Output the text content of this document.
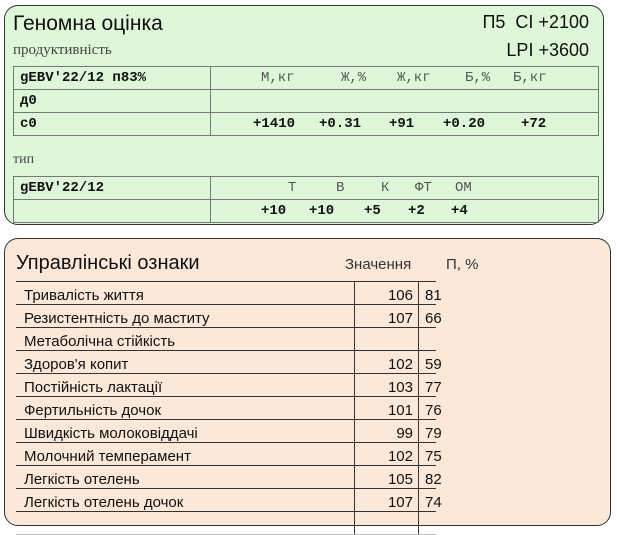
Геномна оцінка
продуктивність
П5  CI +2100
LPI +3600
gEBV'22/12 п83%	М,кг Ж,% Ж,кг Б,% Б,кг

д0	
с0	+1410 +0.31 +91 +0.20 +72
тип
gEBV'22/12	Т В К ФТ ОМ

	+10 +10 +5 +2 +4
Управлінські ознаки	Значення П, %
Тривалість життя	106	81
Резистентність до маститу	107	66
Метаболічна стійкість		
Здоров'я копит	102	59
Постійність лактації	103	77
Фертильність дочок	101	76
Швидкість молоковіддачі	99	79
Молочний темперамент	102	75
Легкість отелень	105	82
Легкість отелень дочок	107	74
